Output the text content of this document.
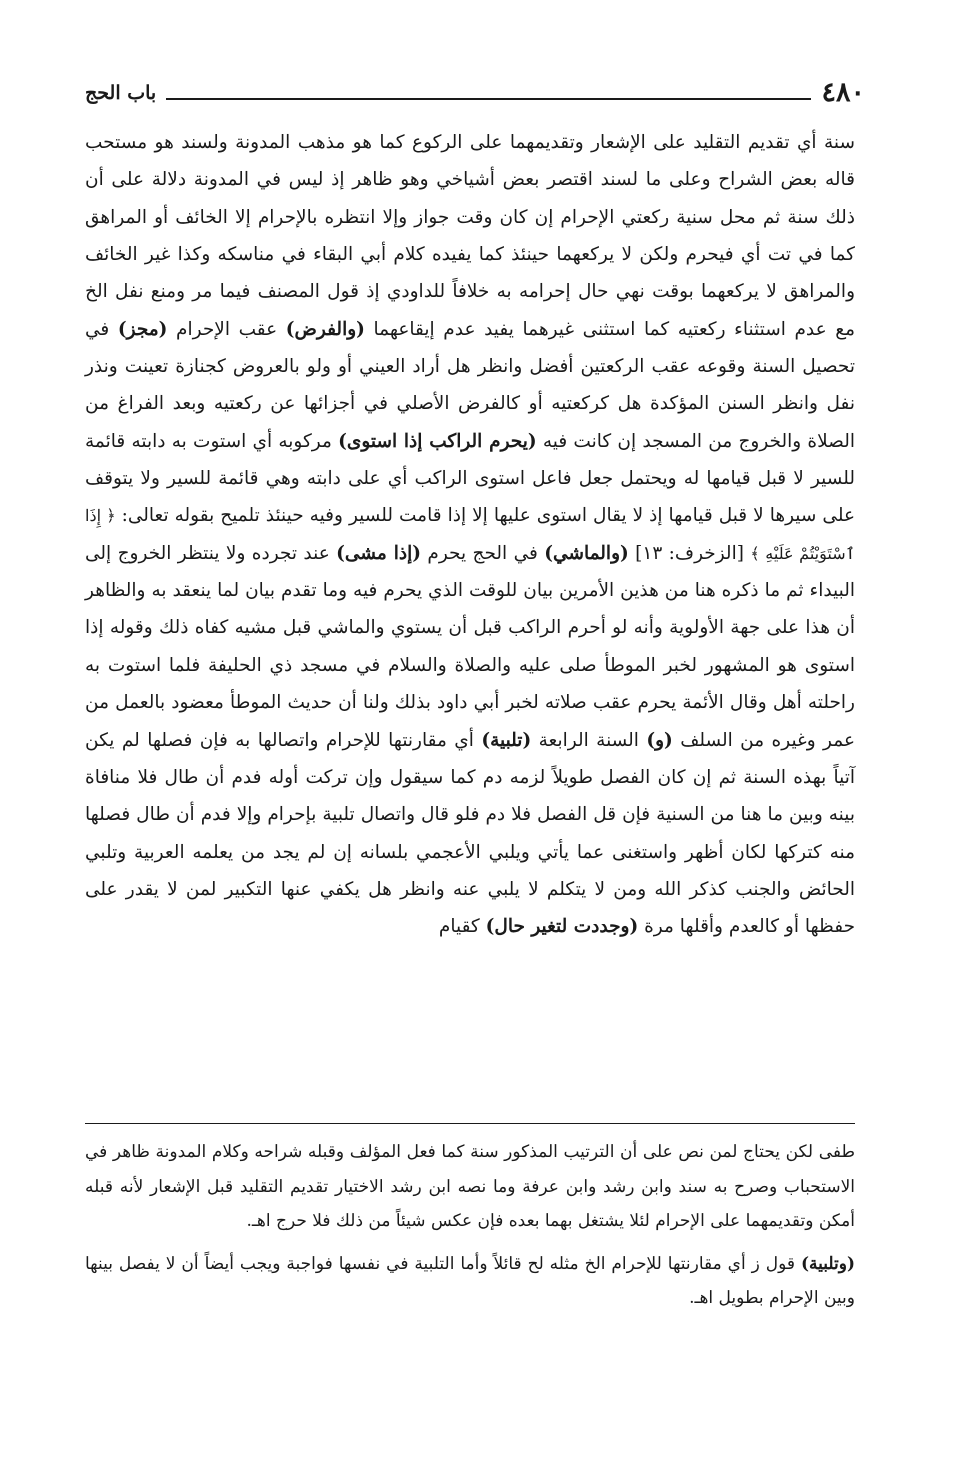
٤٨٠
باب الحج

سنة أي تقديم التقليد على الإشعار وتقديمهما على الركوع كما هو مذهب المدونة ولسند هو مستحب قاله بعض الشراح وعلى ما لسند اقتصر بعض أشياخي وهو ظاهر إذ ليس في المدونة دلالة على أن ذلك سنة ثم محل سنية ركعتي الإحرام إن كان وقت جواز وإلا انتظره بالإحرام إلا الخائف أو المراهق كما في تت أي فيحرم ولكن لا يركعهما حينئذ كما يفيده كلام أبي البقاء في مناسكه وكذا غير الخائف والمراهق لا يركعهما بوقت نهي حال إحرامه به خلافاً للداودي إذ قول المصنف فيما مر ومنع نفل الخ مع عدم استثناء ركعتيه كما استثنى غيرهما يفيد عدم إيقاعهما (والفرض) عقب الإحرام (مجز) في تحصيل السنة وقوعه عقب الركعتين أفضل وانظر هل أراد العيني أو ولو بالعروض كجنازة تعينت ونذر نفل وانظر السنن المؤكدة هل كركعتيه أو كالفرض الأصلي في أجزائها عن ركعتيه وبعد الفراغ من الصلاة والخروج من المسجد إن كانت فيه (يحرم الراكب إذا استوى) مركوبه أي استوت به دابته قائمة للسير لا قبل قيامها له ويحتمل جعل فاعل استوى الراكب أي على دابته وهي قائمة للسير ولا يتوقف على سيرها لا قبل قيامها إذ لا يقال استوى عليها إلا إذا قامت للسير وفيه حينئذ تلميح بقوله تعالى: ﴿ إِذَا ٱسْتَوَيْتُمْ عَلَيْهِ ﴾ [الزخرف: ١٣] (والماشي) في الحج يحرم (إذا مشى) عند تجرده ولا ينتظر الخروج إلى البيداء ثم ما ذكره هنا من هذين الأمرين بيان للوقت الذي يحرم فيه وما تقدم بيان لما ينعقد به والظاهر أن هذا على جهة الأولوية وأنه لو أحرم الراكب قبل أن يستوي والماشي قبل مشيه كفاه ذلك وقوله إذا استوى هو المشهور لخبر الموطأ صلى عليه والصلاة والسلام في مسجد ذي الحليفة فلما استوت به راحلته أهل وقال الأئمة يحرم عقب صلاته لخبر أبي داود بذلك ولنا أن حديث الموطأ معضود بالعمل من عمر وغيره من السلف (و) السنة الرابعة (تلبية) أي مقارنتها للإحرام واتصالها به فإن فصلها لم يكن آتياً بهذه السنة ثم إن كان الفصل طويلاً لزمه دم كما سيقول وإن تركت أوله فدم أن طال فلا منافاة بينه وبين ما هنا من السنية فإن قل الفصل فلا دم فلو قال واتصال تلبية بإحرام وإلا فدم أن طال فصلها منه كتركها لكان أظهر واستغنى عما يأتي ويلبي الأعجمي بلسانه إن لم يجد من يعلمه العربية وتلبي الحائض والجنب كذكر الله ومن لا يتكلم لا يلبي عنه وانظر هل يكفي عنها التكبير لمن لا يقدر على حفظها أو كالعدم وأقلها مرة (وجددت لتغير حال) كقيام

طفى لكن يحتاج لمن نص على أن الترتيب المذكور سنة كما فعل المؤلف وقبله شراحه وكلام المدونة ظاهر في الاستحباب وصرح به سند وابن رشد وابن عرفة وما نصه ابن رشد الاختيار تقديم التقليد قبل الإشعار لأنه قبله أمكن وتقديمهما على الإحرام لئلا يشتغل بهما بعده فإن عكس شيئاً من ذلك فلا حرج اهـ.

(وتلبية) قول ز أي مقارنتها للإحرام الخ مثله لح قائلاً وأما التلبية في نفسها فواجبة ويجب أيضاً أن لا يفصل بينها وبين الإحرام بطويل اهـ.
